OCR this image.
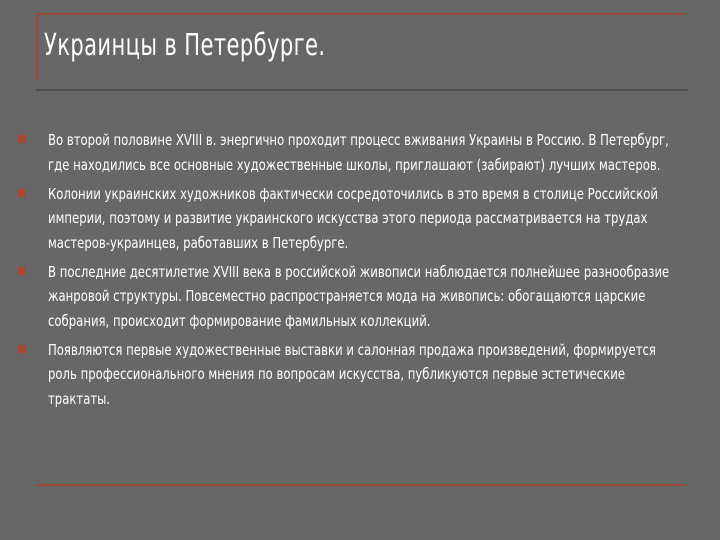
Украинцы в Петербурге.
Во второй половине XVIII в. энергично проходит процесс вживания Украины в Россию. В Петербург, где находились все основные художественные школы, приглашают (забирают) лучших мастеров.
Колонии украинских художников фактически сосредоточились в это время в столице Российской империи, поэтому и развитие украинского искусства этого периода рассматривается на трудах мастеров-украинцев, работавших в Петербурге.
В последние десятилетие XVIII века в российской живописи наблюдается полнейшее разнообразие жанровой структуры. Повсеместно распространяется мода на живопись: обогащаются царские собрания, происходит формирование фамильных коллекций.
Появляются первые художественные выставки и салонная продажа произведений, формируется роль профессионального мнения по вопросам искусства, публикуются первые эстетические трактаты.
